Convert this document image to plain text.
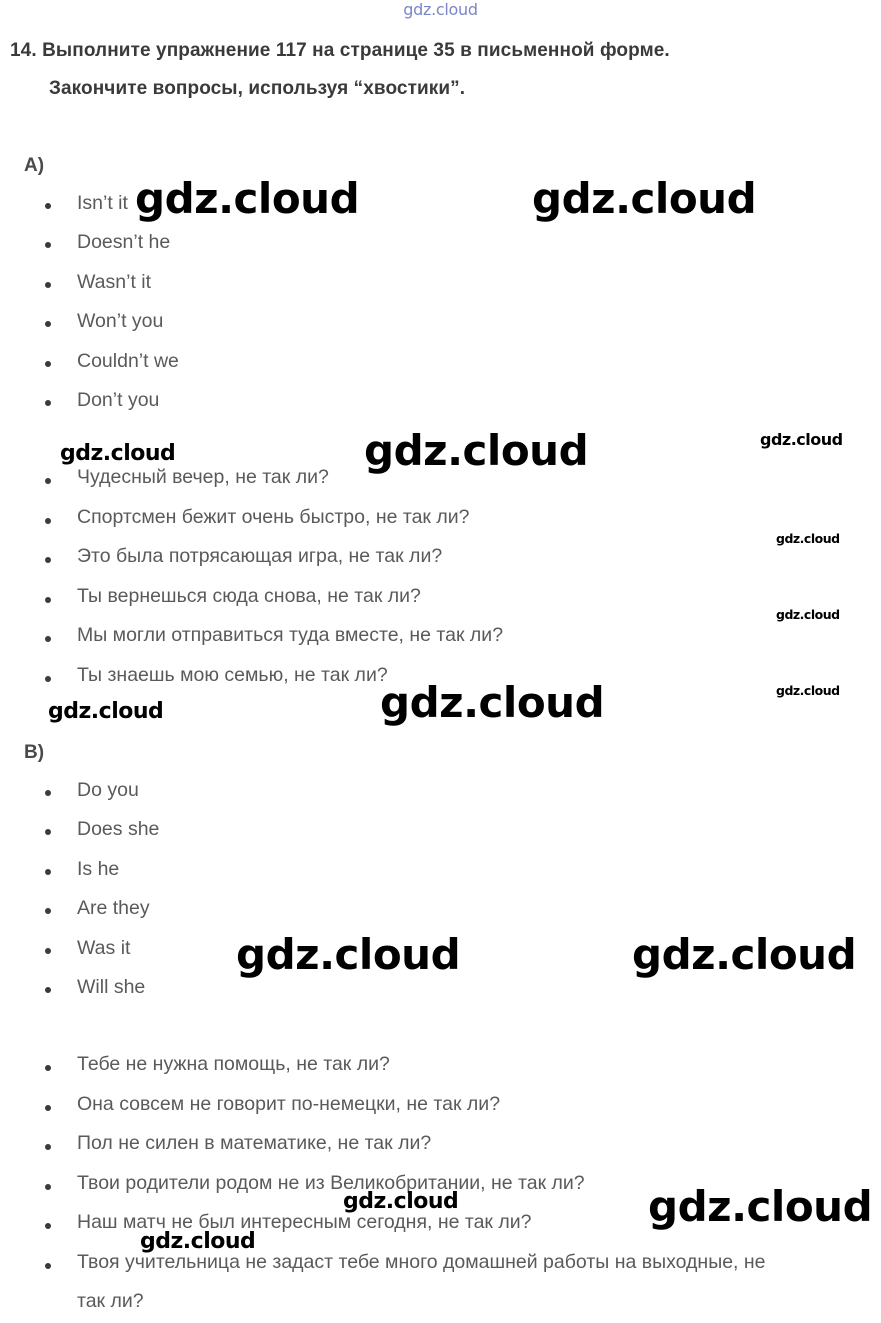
gdz.cloud
14. Выполните упражнение 117 на странице 35 в письменной форме.
Закончите вопросы, используя “хвостики”.
A)
Isn’t it
Doesn’t he
Wasn’t it
Won’t you
Couldn’t we
Don’t you
Чудесный вечер, не так ли?
Спортсмен бежит очень быстро, не так ли?
Это была потрясающая игра, не так ли?
Ты вернешься сюда снова, не так ли?
Мы могли отправиться туда вместе, не так ли?
Ты знаешь мою семью, не так ли?
B)
Do you
Does she
Is he
Are they
Was it
Will she
Тебе не нужна помощь, не так ли?
Она совсем не говорит по-немецки, не так ли?
Пол не силен в математике, не так ли?
Твои родители родом не из Великобритании, не так ли?
Наш матч не был интересным сегодня, не так ли?
Твоя учительница не задаст тебе много домашней работы на выходные, не
так ли?
gdz.cloud	gdz.cloud
gdz.cloud	gdz.cloud	gdz.cloud
gdz.cloud
gdz.cloud
gdz.cloud
gdz.cloud	gdz.cloud
gdz.cloud	gdz.cloud
gdz.cloud	gdz.cloud
gdz.cloud
